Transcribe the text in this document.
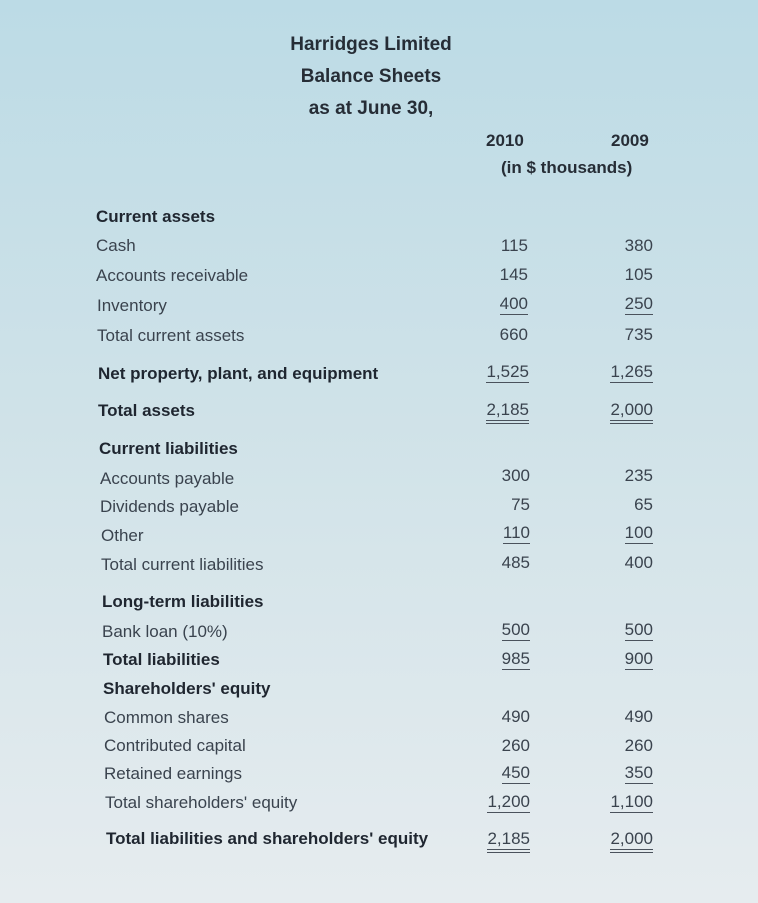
Harridges Limited
Balance Sheets
as at June 30,
2010	2009
(in $ thousands)
Current assets
Cash
Accounts receivable
Inventory
Total current assets
Net property, plant, and equipment
Total assets
Current liabilities
Accounts payable
Dividends payable
Other
Total current liabilities
Long-term liabilities
Bank loan (10%)
Total liabilities
Shareholders' equity
Common shares
Contributed capital
Retained earnings
Total shareholders' equity
Total liabilities and shareholders' equity
115
145
400
660
1,525
2,185
300
75
110
485
500
985
490
260
450
1,200
2,185
380
105
250
735
1,265
2,000
235
65
100
400
500
900
490
260
350
1,100
2,000
